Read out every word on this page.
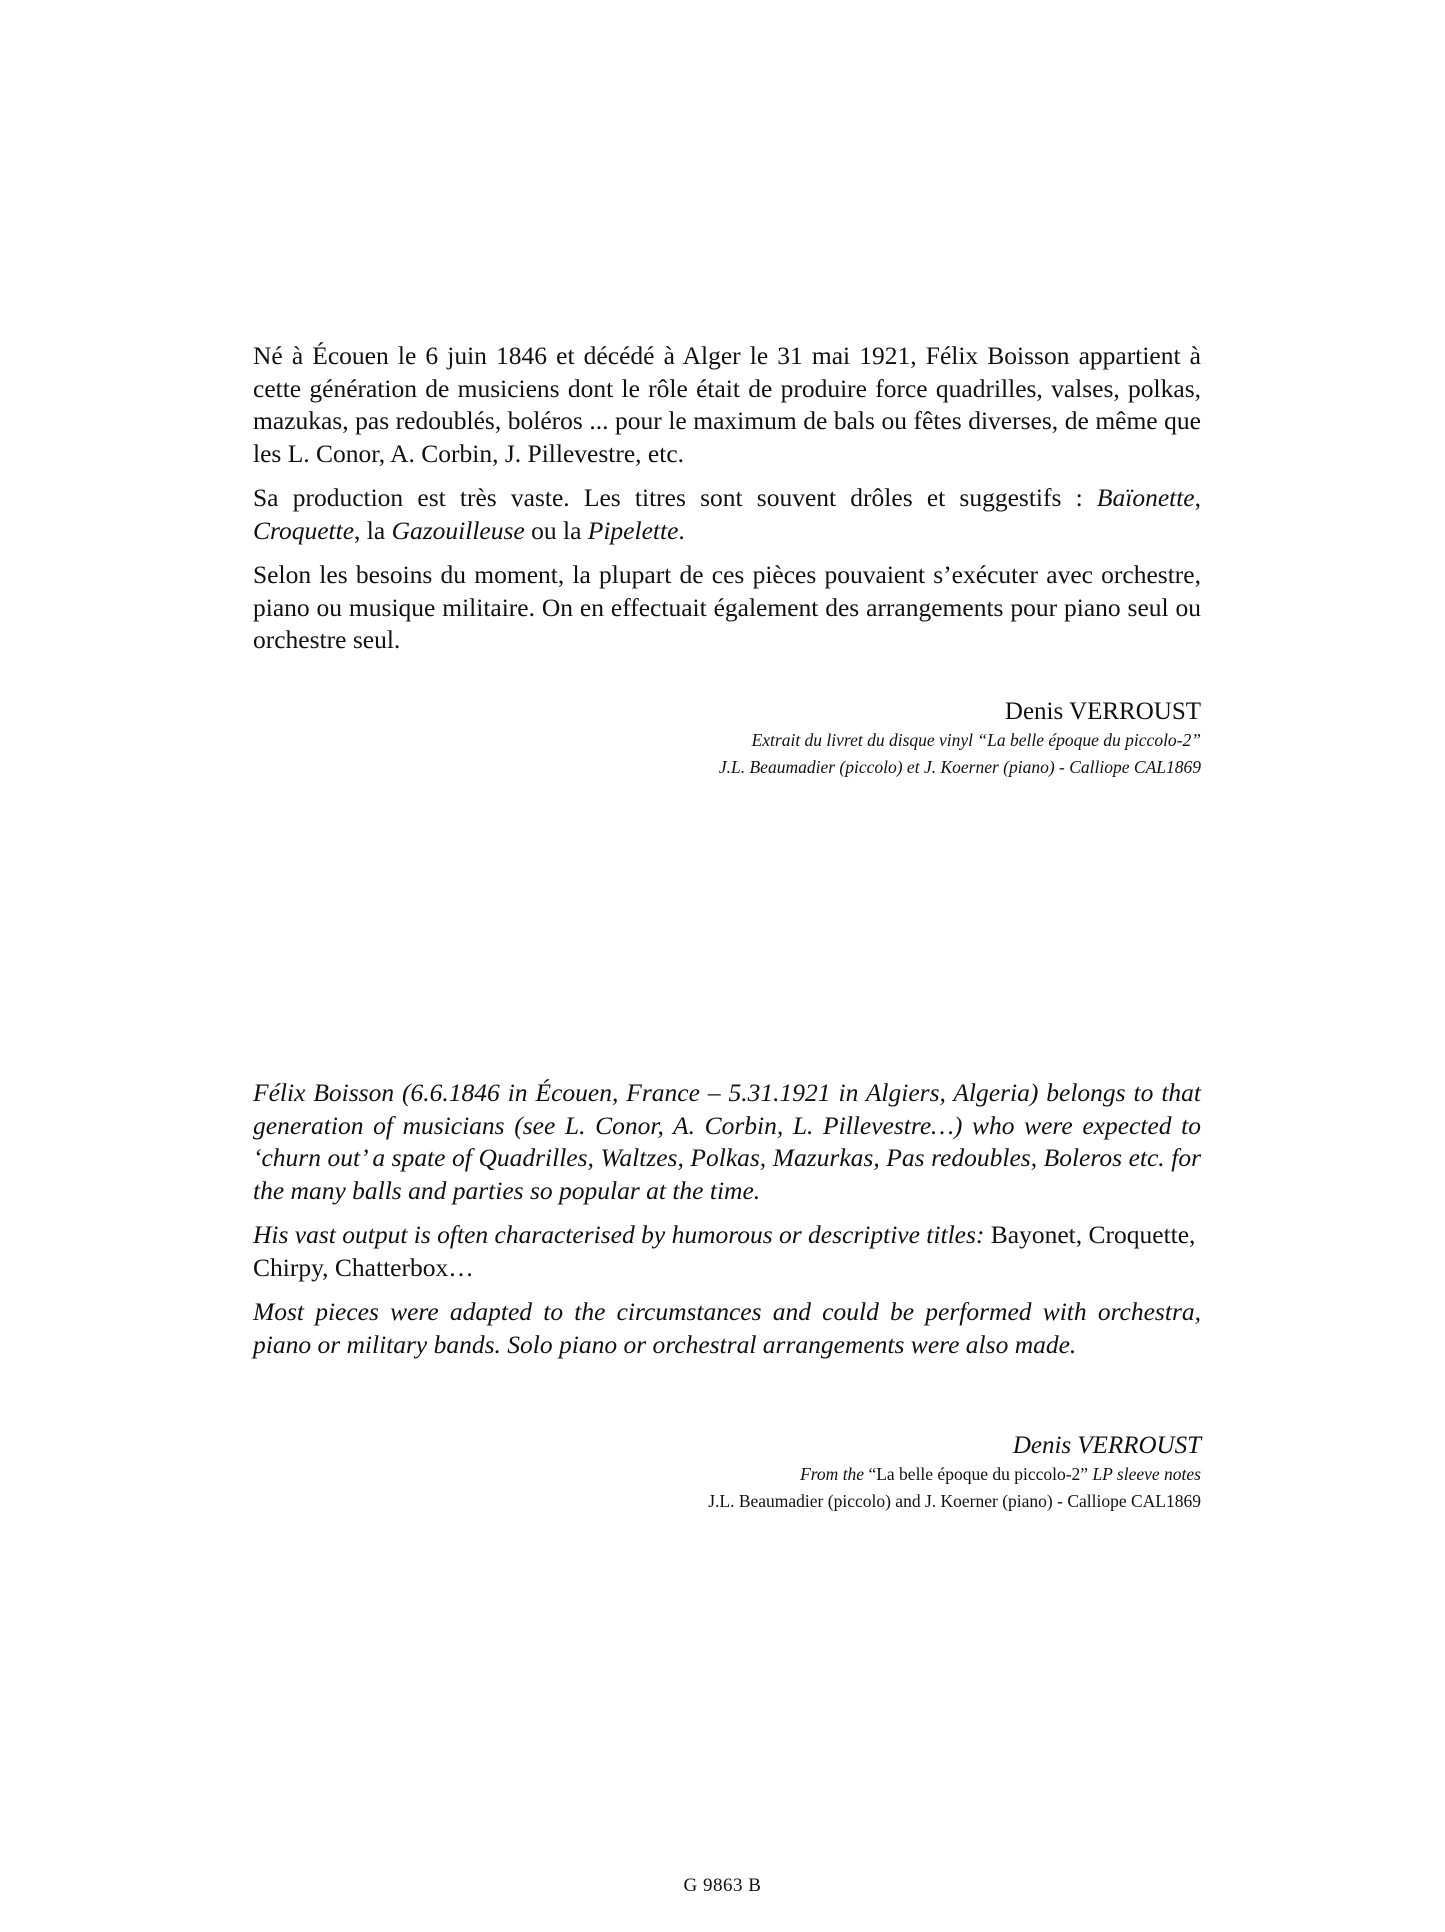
Né à Écouen le 6 juin 1846 et décédé à Alger le 31 mai 1921, Félix Boisson appartient à cette génération de musiciens dont le rôle était de produire force quadrilles, valses, polkas, mazukas, pas redoublés, boléros ... pour le maximum de bals ou fêtes diverses, de même que les L. Conor, A. Corbin, J. Pillevestre, etc.

Sa production est très vaste. Les titres sont souvent drôles et suggestifs : Baïonette, Croquette, la Gazouilleuse ou la Pipelette.

Selon les besoins du moment, la plupart de ces pièces pouvaient s’exécuter avec orchestre, piano ou musique militaire. On en effectuait également des arrangements pour piano seul ou orchestre seul.

Denis VERROUST
Extrait du livret du disque vinyl “La belle époque du piccolo-2”
J.L. Beaumadier (piccolo) et J. Koerner (piano) - Calliope CAL1869

Félix Boisson (6.6.1846 in Écouen, France – 5.31.1921 in Algiers, Algeria) belongs to that generation of musicians (see L. Conor, A. Corbin, L. Pillevestre…) who were expected to ‘churn out’ a spate of Quadrilles, Waltzes, Polkas, Mazurkas, Pas redoubles, Boleros etc. for the many balls and parties so popular at the time.

His vast output is often characterised by humorous or descriptive titles: Bayonet, Croquette, Chirpy, Chatterbox…

Most pieces were adapted to the circumstances and could be performed with orchestra, piano or military bands. Solo piano or orchestral arrangements were also made.

Denis VERROUST
From the “La belle époque du piccolo-2” LP sleeve notes
J.L. Beaumadier (piccolo) and J. Koerner (piano) - Calliope CAL1869
G 9863 B
